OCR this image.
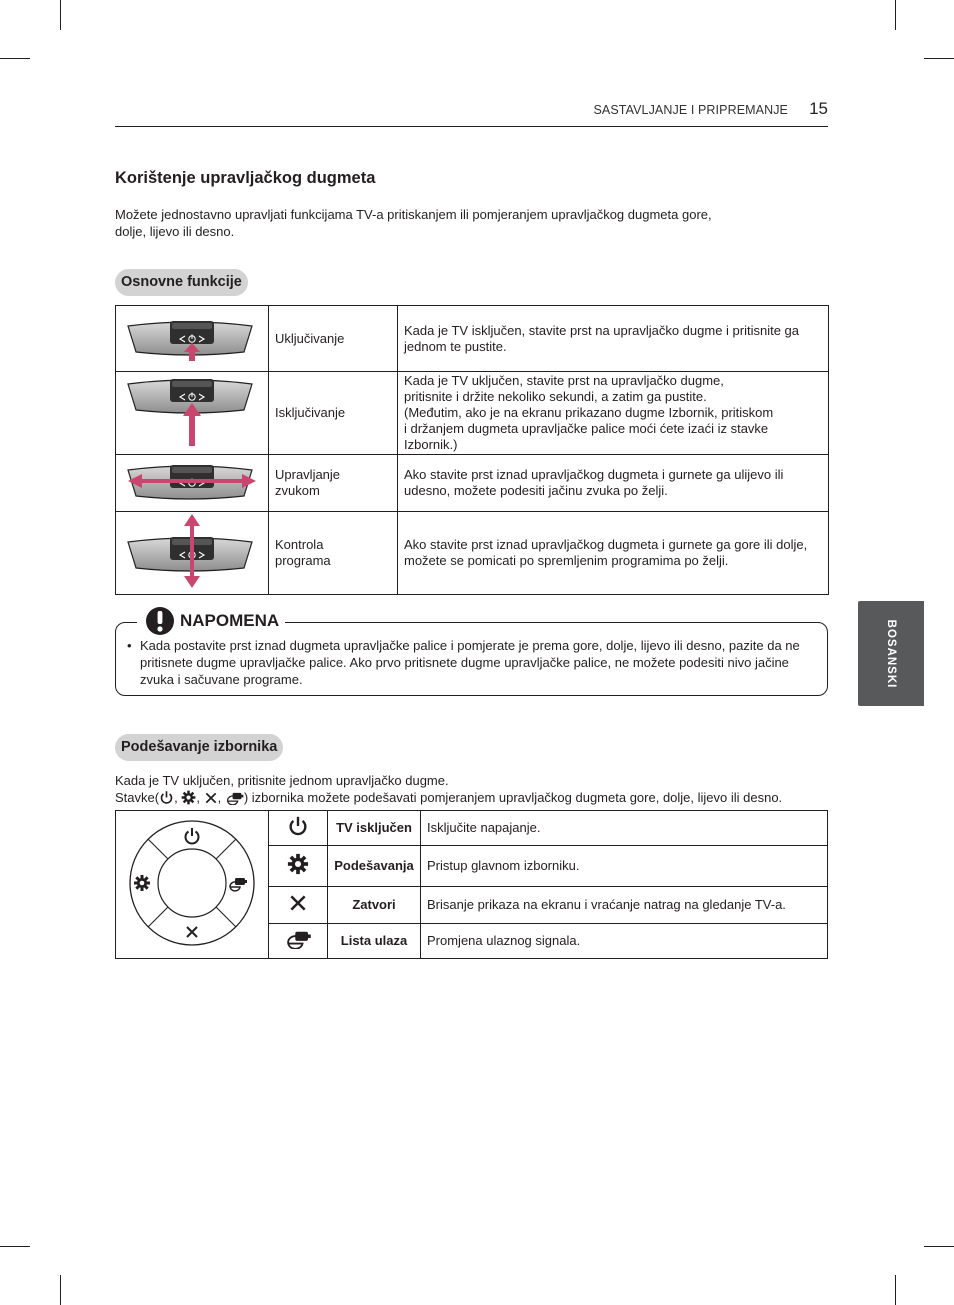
SASTAVLJANJE I PRIPREMANJE 15
BOSANSKI
Korištenje upravljačkog dugmeta
Možete jednostavno upravljati funkcijama TV-a pritiskanjem ili pomjeranjem upravljačkog dugmeta gore,
dolje, lijevo ili desno.
Osnovne funkcije
	Uključivanje	Kada je TV isključen, stavite prst na upravljačko dugme i pritisnite ga jednom te pustite.
	Isključivanje	Kada je TV uključen, stavite prst na upravljačko dugme,
pritisnite i držite nekoliko sekundi, a zatim ga pustite.
(Međutim, ako je na ekranu prikazano dugme Izbornik, pritiskom
i držanjem dugmeta upravljačke palice moći ćete izaći iz stavke
Izbornik.)
	Upravljanje
zvukom	Ako stavite prst iznad upravljačkog dugmeta i gurnete ga ulijevo ili udesno, možete podesiti jačinu zvuka po želji.
	Kontrola
programa	Ako stavite prst iznad upravljačkog dugmeta i gurnete ga gore ili dolje, možete se pomicati po spremljenim programima po želji.
NAPOMENA
• Kada postavite prst iznad dugmeta upravljačke palice i pomjerate je prema gore, dolje, lijevo ili desno, pazite da ne pritisnete dugme upravljačke palice. Ako prvo pritisnete dugme upravljačke palice, ne možete podesiti nivo jačine zvuka i sačuvane programe.
Podešavanje izbornika
Kada je TV uključen, pritisnite jednom upravljačko dugme.
Stavke( , , , ) izbornika možete podešavati pomjeranjem upravljačkog dugmeta gore, dolje, lijevo ili desno.
		TV isključen	Isključite napajanje.
	Podešavanja	Pristup glavnom izborniku.
	Zatvori	Brisanje prikaza na ekranu i vraćanje natrag na gledanje TV-a.
	Lista ulaza	Promjena ulaznog signala.
